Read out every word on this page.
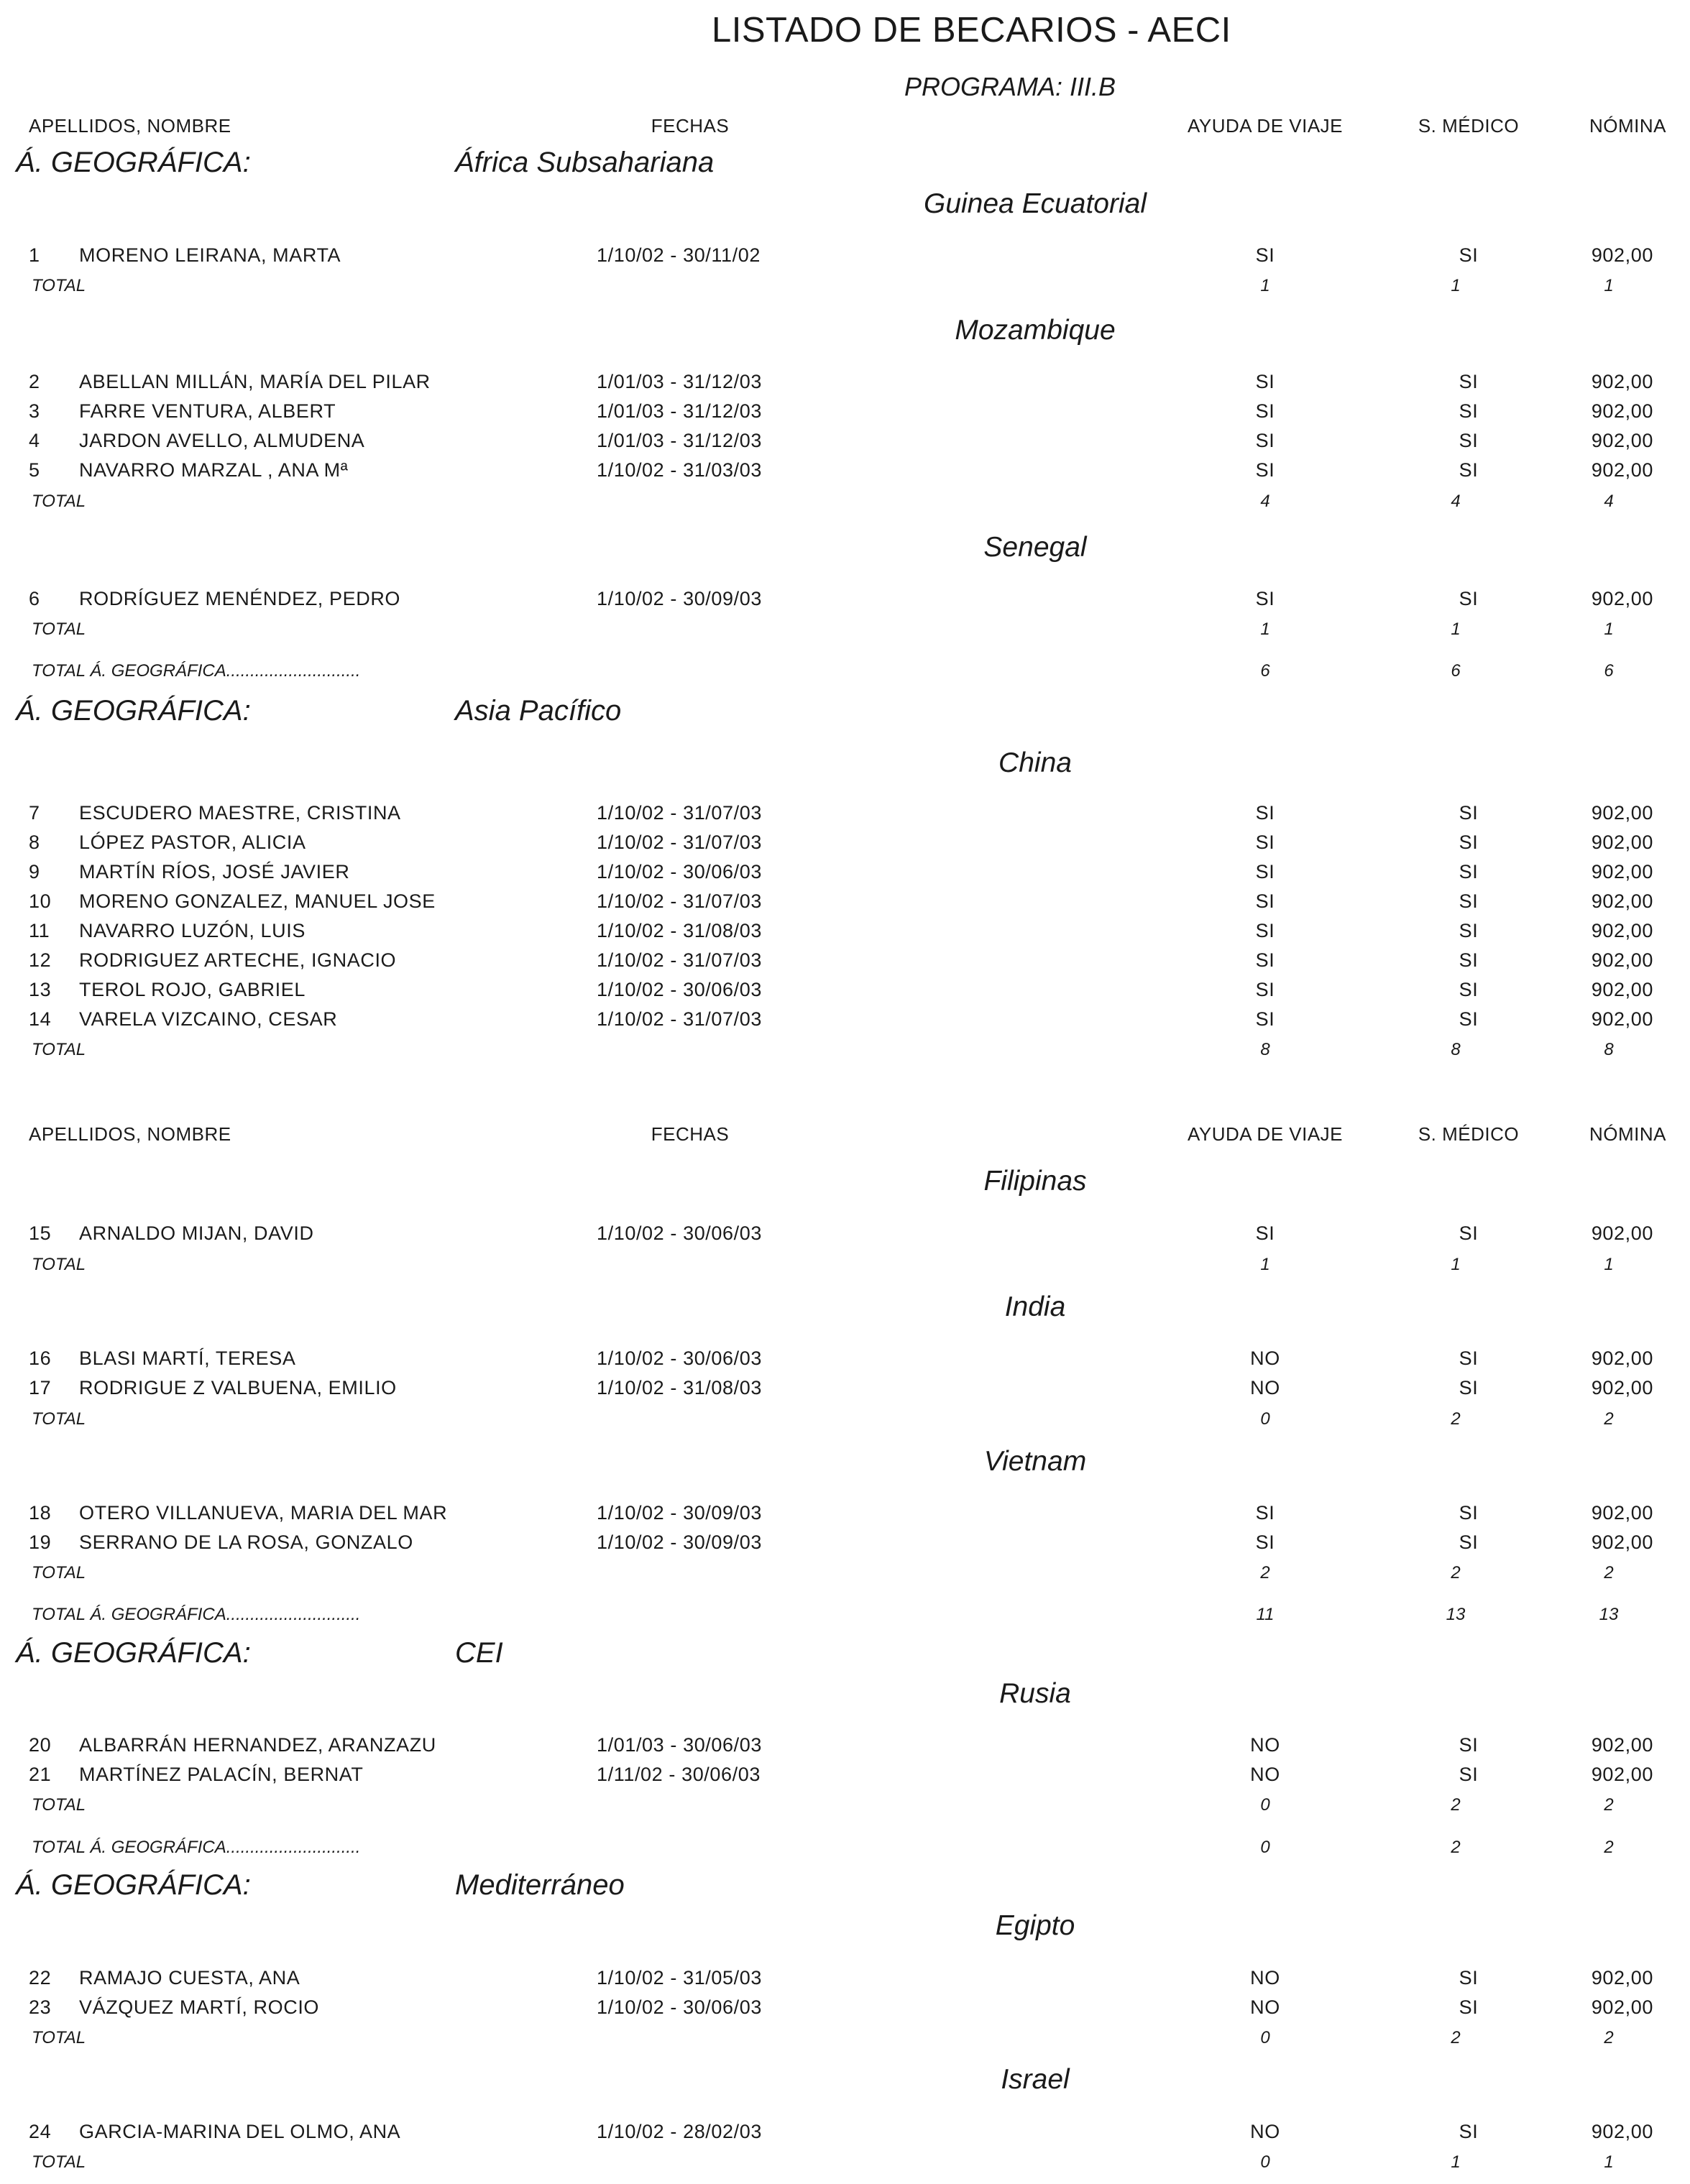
LISTADO DE BECARIOS - AECI
PROGRAMA: III.B
APELLIDOS, NOMBRE	FECHAS	AYUDA DE VIAJE	S. MÉDICO	NÓMINA
Á. GEOGRÁFICA:	África Subsahariana
Guinea Ecuatorial
1 MORENO LEIRANA, MARTA	1/10/02 - 30/11/02	SI	SI	902,00
TOTAL	1	1	1
Mozambique
2 ABELLAN MILLÁN, MARÍA DEL PILAR	1/01/03 - 31/12/03	SI	SI	902,00
3 FARRE VENTURA, ALBERT	1/01/03 - 31/12/03	SI	SI	902,00
4 JARDON AVELLO, ALMUDENA	1/01/03 - 31/12/03	SI	SI	902,00
5 NAVARRO MARZAL , ANA Mª	1/10/02 - 31/03/03	SI	SI	902,00
TOTAL	4	4	4
Senegal
6 RODRÍGUEZ MENÉNDEZ, PEDRO	1/10/02 - 30/09/03	SI	SI	902,00
TOTAL	1	1	1
TOTAL Á. GEOGRÁFICA............................	6	6	6
Á. GEOGRÁFICA:	Asia Pacífico
China
7 ESCUDERO MAESTRE, CRISTINA	1/10/02 - 31/07/03	SI	SI	902,00
8 LÓPEZ PASTOR, ALICIA	1/10/02 - 31/07/03	SI	SI	902,00
9 MARTÍN RÍOS, JOSÉ JAVIER	1/10/02 - 30/06/03	SI	SI	902,00
10 MORENO GONZALEZ, MANUEL JOSE	1/10/02 - 31/07/03	SI	SI	902,00
11 NAVARRO LUZÓN, LUIS	1/10/02 - 31/08/03	SI	SI	902,00
12 RODRIGUEZ ARTECHE, IGNACIO	1/10/02 - 31/07/03	SI	SI	902,00
13 TEROL ROJO, GABRIEL	1/10/02 - 30/06/03	SI	SI	902,00
14 VARELA VIZCAINO, CESAR	1/10/02 - 31/07/03	SI	SI	902,00
TOTAL	8	8	8
APELLIDOS, NOMBRE	FECHAS	AYUDA DE VIAJE	S. MÉDICO	NÓMINA
Filipinas
15 ARNALDO MIJAN, DAVID	1/10/02 - 30/06/03	SI	SI	902,00
TOTAL	1	1	1
India
16 BLASI MARTÍ, TERESA	1/10/02 - 30/06/03	NO	SI	902,00
17 RODRIGUE Z VALBUENA, EMILIO	1/10/02 - 31/08/03	NO	SI	902,00
TOTAL	0	2	2
Vietnam
18 OTERO VILLANUEVA, MARIA DEL MAR	1/10/02 - 30/09/03	SI	SI	902,00
19 SERRANO DE LA ROSA, GONZALO	1/10/02 - 30/09/03	SI	SI	902,00
TOTAL	2	2	2
TOTAL Á. GEOGRÁFICA............................	11	13	13
Á. GEOGRÁFICA:	CEI
Rusia
20 ALBARRÁN HERNANDEZ, ARANZAZU	1/01/03 - 30/06/03	NO	SI	902,00
21 MARTÍNEZ PALACÍN, BERNAT	1/11/02 - 30/06/03	NO	SI	902,00
TOTAL	0	2	2
TOTAL Á. GEOGRÁFICA............................	0	2	2
Á. GEOGRÁFICA:	Mediterráneo
Egipto
22 RAMAJO CUESTA, ANA	1/10/02 - 31/05/03	NO	SI	902,00
23 VÁZQUEZ MARTÍ, ROCIO	1/10/02 - 30/06/03	NO	SI	902,00
TOTAL	0	2	2
Israel
24 GARCIA-MARINA DEL OLMO, ANA	1/10/02 - 28/02/03	NO	SI	902,00
TOTAL	0	1	1
